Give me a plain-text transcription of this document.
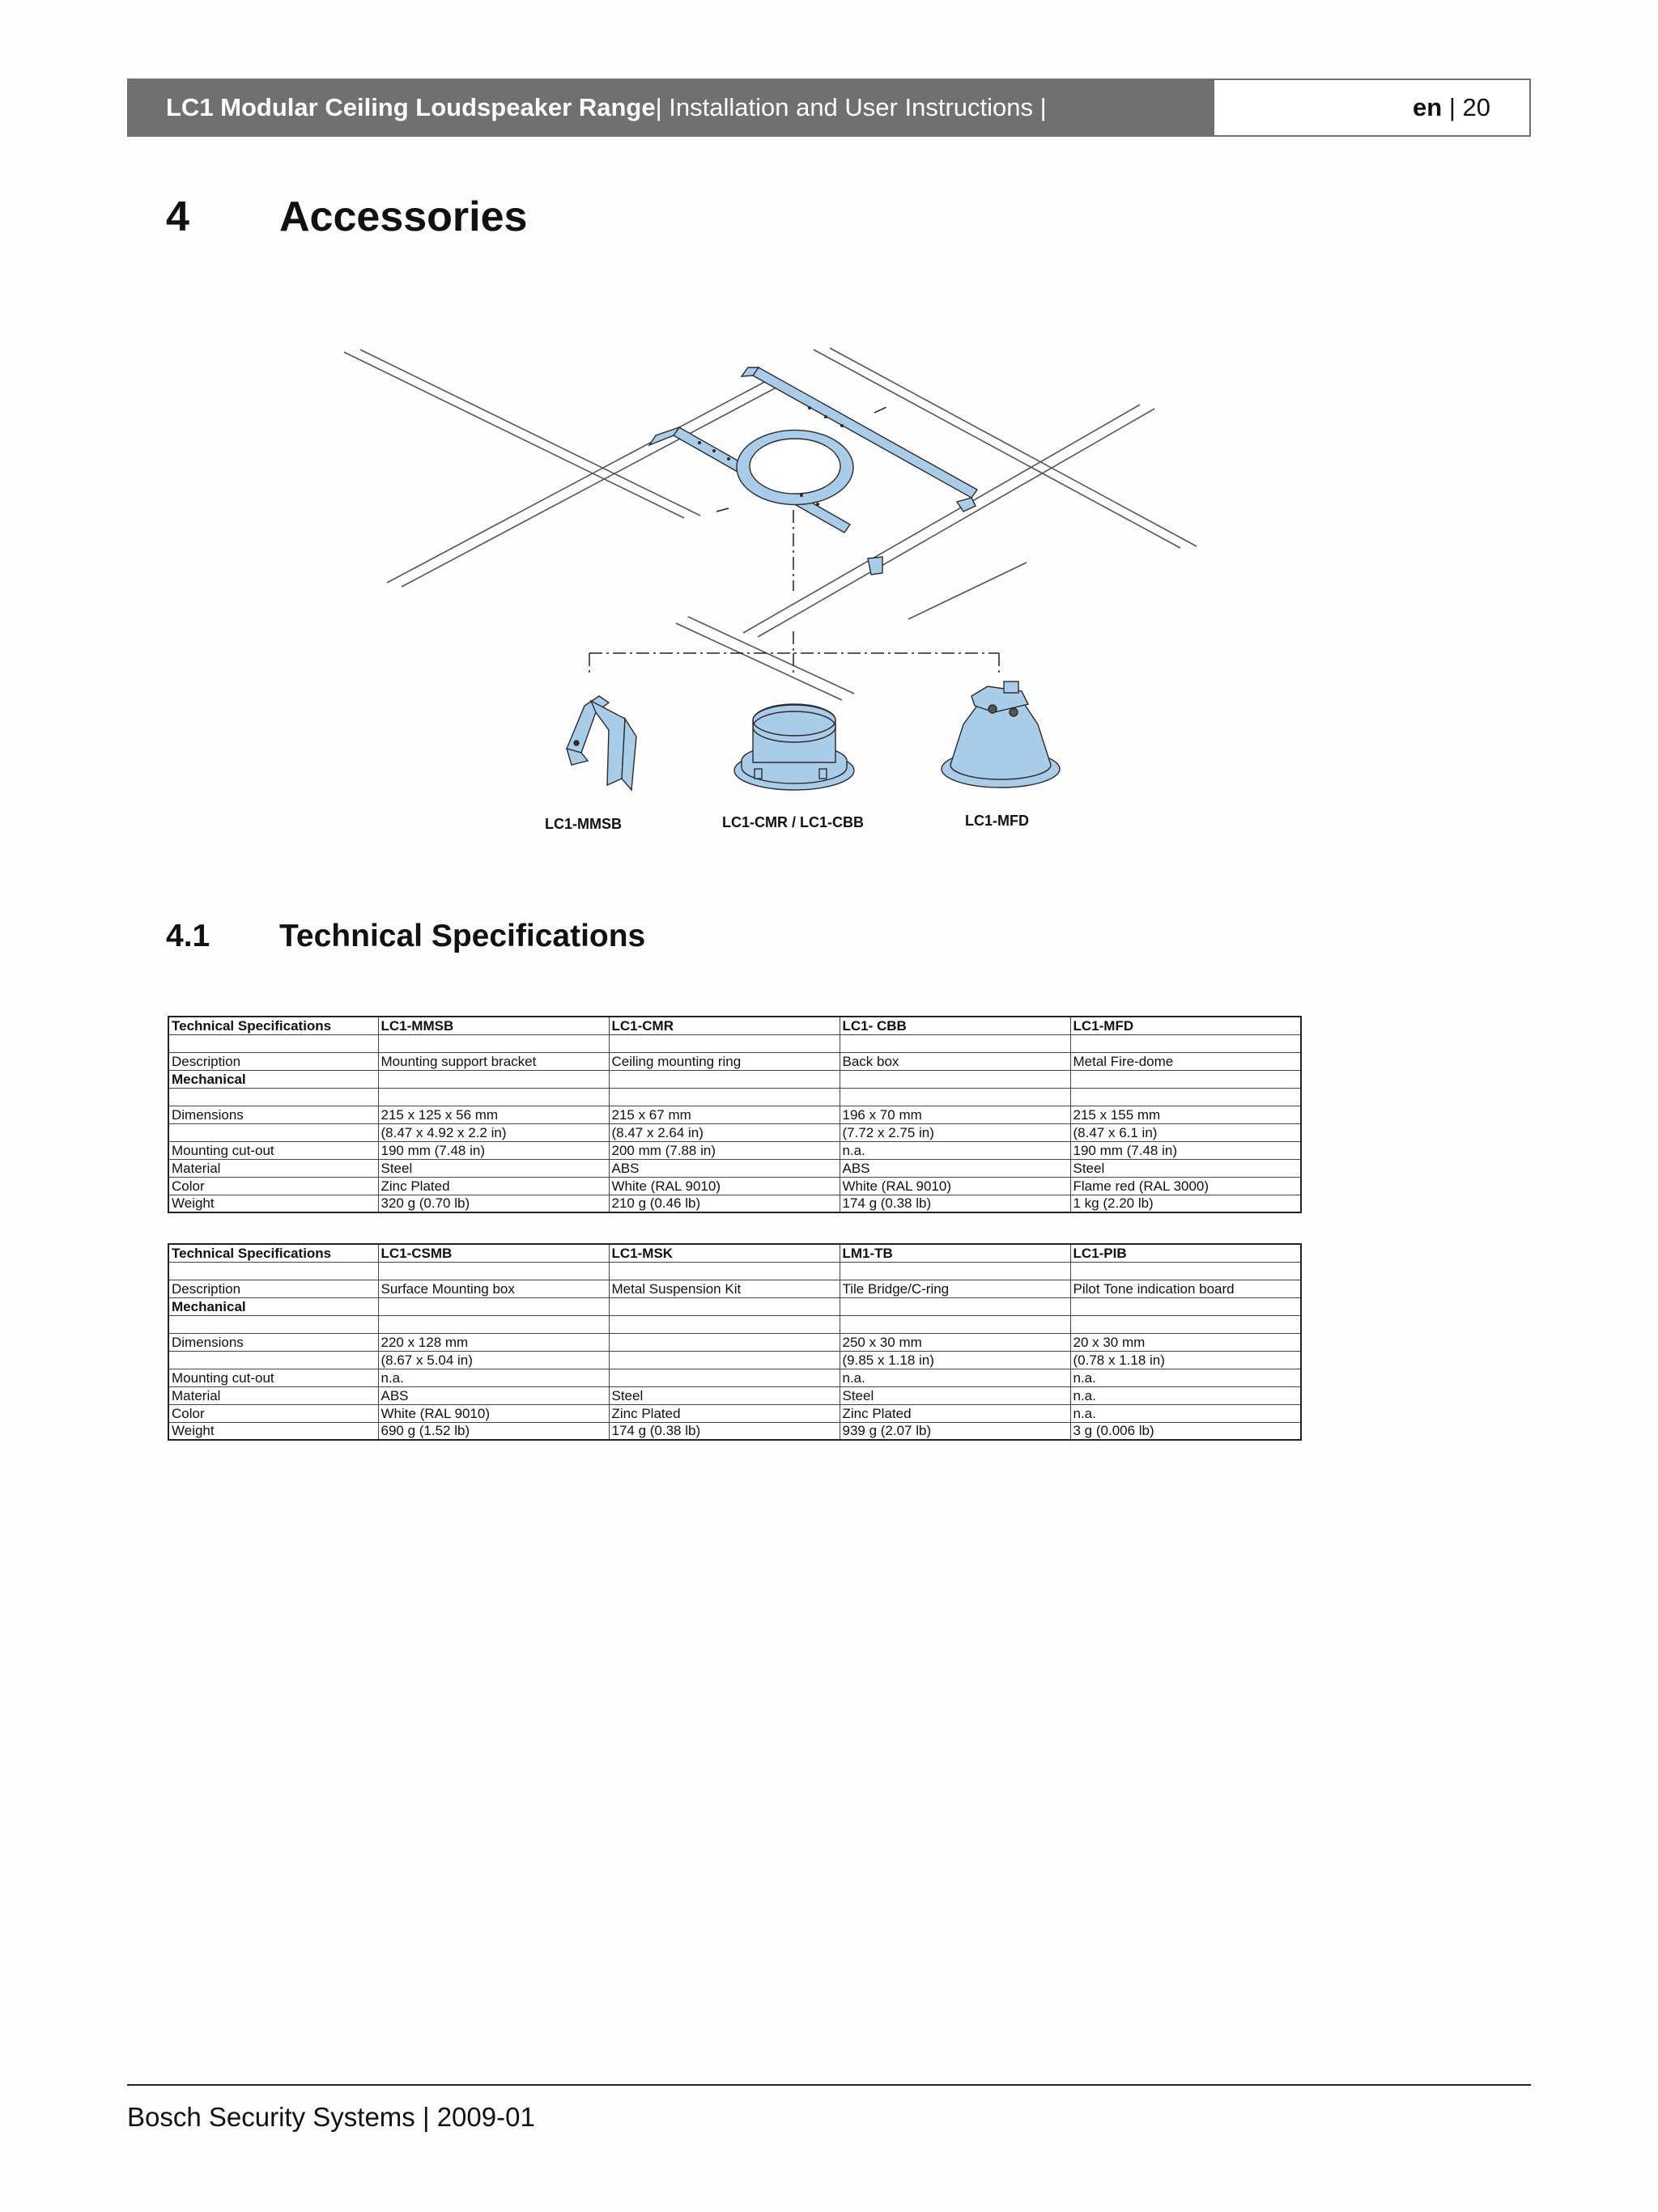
LC1 Modular Ceiling Loudspeaker Range | Installation and User Instructions |	en | 20
4 Accessories
LC1-MMSB	LC1-CMR / LC1-CBB	LC1-MFD
4.1 Technical Specifications
Technical Specifications	LC1-MMSB	LC1-CMR	LC1- CBB	LC1-MFD

Description	Mounting support bracket	Ceiling mounting ring	Back box	Metal Fire-dome
Mechanical				

Dimensions	215 x 125 x 56 mm	215 x 67 mm	196 x 70 mm	215 x 155 mm
	(8.47 x 4.92 x 2.2 in)	(8.47 x 2.64 in)	(7.72 x 2.75 in)	(8.47 x 6.1 in)
Mounting cut-out	190 mm (7.48 in)	200 mm (7.88 in)	n.a.	190 mm (7.48 in)
Material	Steel	ABS	ABS	Steel
Color	Zinc Plated	White (RAL 9010)	White (RAL 9010)	Flame red (RAL 3000)
Weight	320 g (0.70 lb)	210 g (0.46 lb)	174 g (0.38 lb)	1 kg (2.20 lb)
Technical Specifications	LC1-CSMB	LC1-MSK	LM1-TB	LC1-PIB

Description	Surface Mounting box	Metal Suspension Kit	Tile Bridge/C-ring	Pilot Tone indication board
Mechanical				

Dimensions	220 x 128 mm		250 x 30 mm	20 x 30 mm
	(8.67 x 5.04 in)		(9.85 x 1.18 in)	(0.78 x 1.18 in)
Mounting cut-out	n.a.		n.a.	n.a.
Material	ABS	Steel	Steel	n.a.
Color	White (RAL 9010)	Zinc Plated	Zinc Plated	n.a.
Weight	690 g (1.52 lb)	174 g (0.38 lb)	939 g (2.07 lb)	3 g (0.006 lb)
Bosch Security Systems | 2009-01
